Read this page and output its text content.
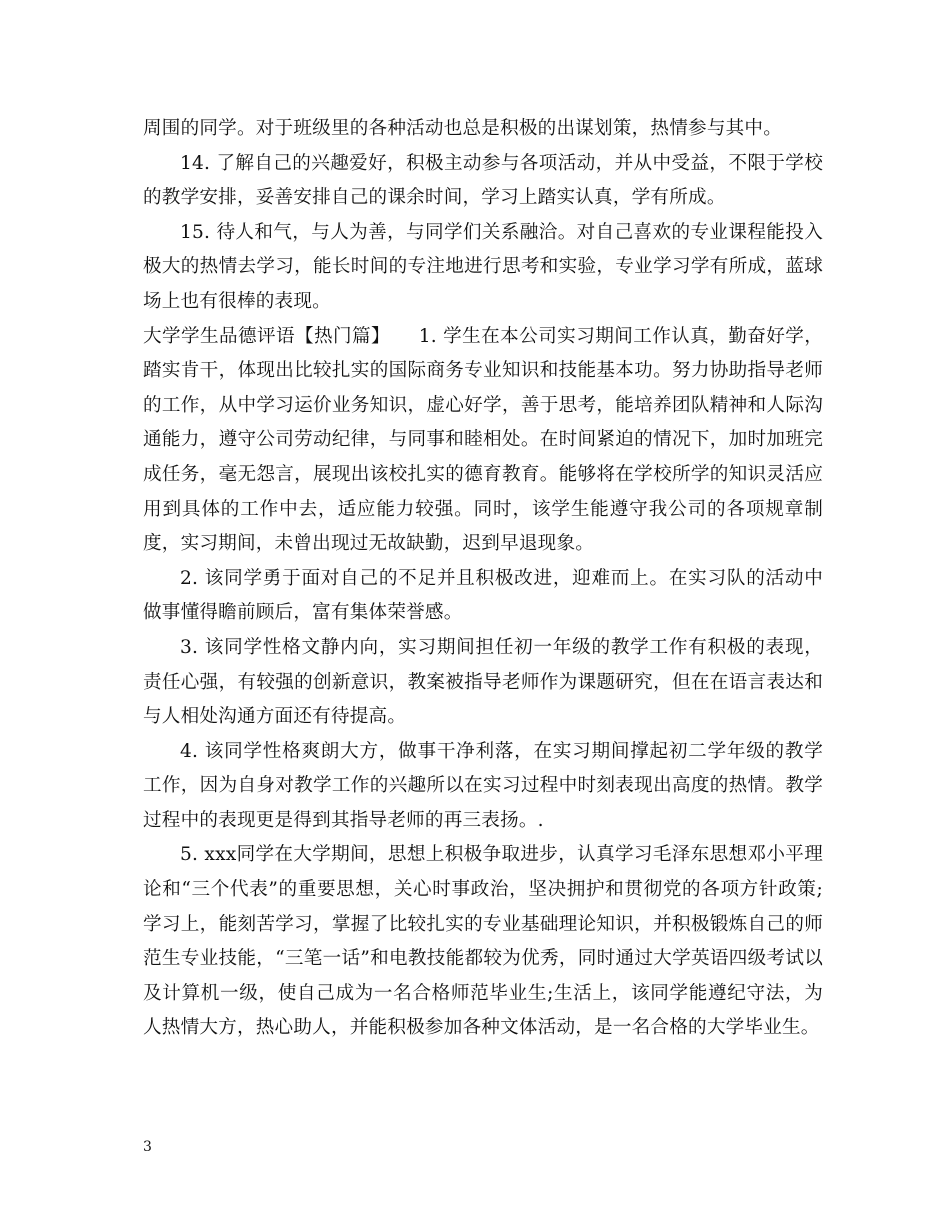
周围的同学。对于班级里的各种活动也总是积极的出谋划策，热情参与其中。

14. 了解自己的兴趣爱好，积极主动参与各项活动，并从中受益，不限于学校的教学安排，妥善安排自己的课余时间，学习上踏实认真，学有所成。

15. 待人和气，与人为善，与同学们关系融洽。对自己喜欢的专业课程能投入极大的热情去学习，能长时间的专注地进行思考和实验，专业学习学有所成，蓝球场上也有很棒的表现。

大学学生品德评语【热门篇】　　1. 学生在本公司实习期间工作认真，勤奋好学，踏实肯干，体现出比较扎实的国际商务专业知识和技能基本功。努力协助指导老师的工作，从中学习运价业务知识，虚心好学，善于思考，能培养团队精神和人际沟通能力，遵守公司劳动纪律，与同事和睦相处。在时间紧迫的情况下，加时加班完成任务，毫无怨言，展现出该校扎实的德育教育。能够将在学校所学的知识灵活应用到具体的工作中去，适应能力较强。同时，该学生能遵守我公司的各项规章制度，实习期间，未曾出现过无故缺勤，迟到早退现象。

2. 该同学勇于面对自己的不足并且积极改进，迎难而上。在实习队的活动中做事懂得瞻前顾后，富有集体荣誉感。

3. 该同学性格文静内向，实习期间担任初一年级的教学工作有积极的表现，责任心强，有较强的创新意识，教案被指导老师作为课题研究，但在在语言表达和与人相处沟通方面还有待提高。

4. 该同学性格爽朗大方，做事干净利落，在实习期间撑起初二学年级的教学工作，因为自身对教学工作的兴趣所以在实习过程中时刻表现出高度的热情。教学过程中的表现更是得到其指导老师的再三表扬。.

5. xxx同学在大学期间，思想上积极争取进步，认真学习毛泽东思想邓小平理论和“三个代表”的重要思想，关心时事政治，坚决拥护和贯彻党的各项方针政策;学习上，能刻苦学习，掌握了比较扎实的专业基础理论知识，并积极锻炼自己的师范生专业技能，“三笔一话”和电教技能都较为优秀，同时通过大学英语四级考试以及计算机一级，使自己成为一名合格师范毕业生;生活上，该同学能遵纪守法，为人热情大方，热心助人，并能积极参加各种文体活动，是一名合格的大学毕业生。

3
